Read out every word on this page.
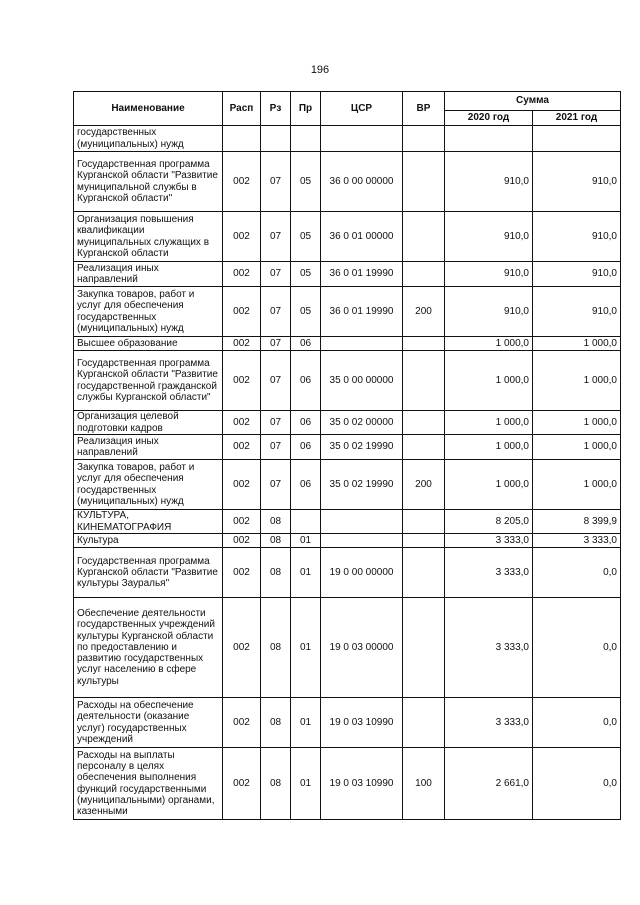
196
Наименование	Расп	Рз	Пр	ЦСР	ВР	Сумма	
						2020 год	2021 год
государственных (муниципальных) нужд							
Государственная программа Курганской области "Развитие муниципальной службы в Курганской области"	002	07	05	36 0 00 00000		910,0	910,0
Организация повышения квалификации муниципальных служащих в Курганской области	002	07	05	36 0 01 00000		910,0	910,0
Реализация иных направлений	002	07	05	36 0 01 19990		910,0	910,0
Закупка товаров, работ и услуг для обеспечения государственных (муниципальных) нужд	002	07	05	36 0 01 19990	200	910,0	910,0
Высшее образование	002	07	06			1 000,0	1 000,0
Государственная программа Курганской области "Развитие государственной гражданской службы Курганской области"	002	07	06	35 0 00 00000		1 000,0	1 000,0
Организация целевой подготовки кадров	002	07	06	35 0 02 00000		1 000,0	1 000,0
Реализация иных направлений	002	07	06	35 0 02 19990		1 000,0	1 000,0
Закупка товаров, работ и услуг для обеспечения государственных (муниципальных) нужд	002	07	06	35 0 02 19990	200	1 000,0	1 000,0
КУЛЬТУРА, КИНЕМАТОГРАФИЯ	002	08				8 205,0	8 399,9
Культура	002	08	01			3 333,0	3 333,0
Государственная программа Курганской области "Развитие культуры Зауралья"	002	08	01	19 0 00 00000		3 333,0	0,0
Обеспечение деятельности государственных учреждений культуры Курганской области по предоставлению и развитию государственных услуг населению в сфере культуры	002	08	01	19 0 03 00000		3 333,0	0,0
Расходы на обеспечение деятельности (оказание услуг) государственных учреждений	002	08	01	19 0 03 10990		3 333,0	0,0
Расходы на выплаты персоналу в целях обеспечения выполнения функций государственными (муниципальными) органами, казенными	002	08	01	19 0 03 10990	100	2 661,0	0,0
